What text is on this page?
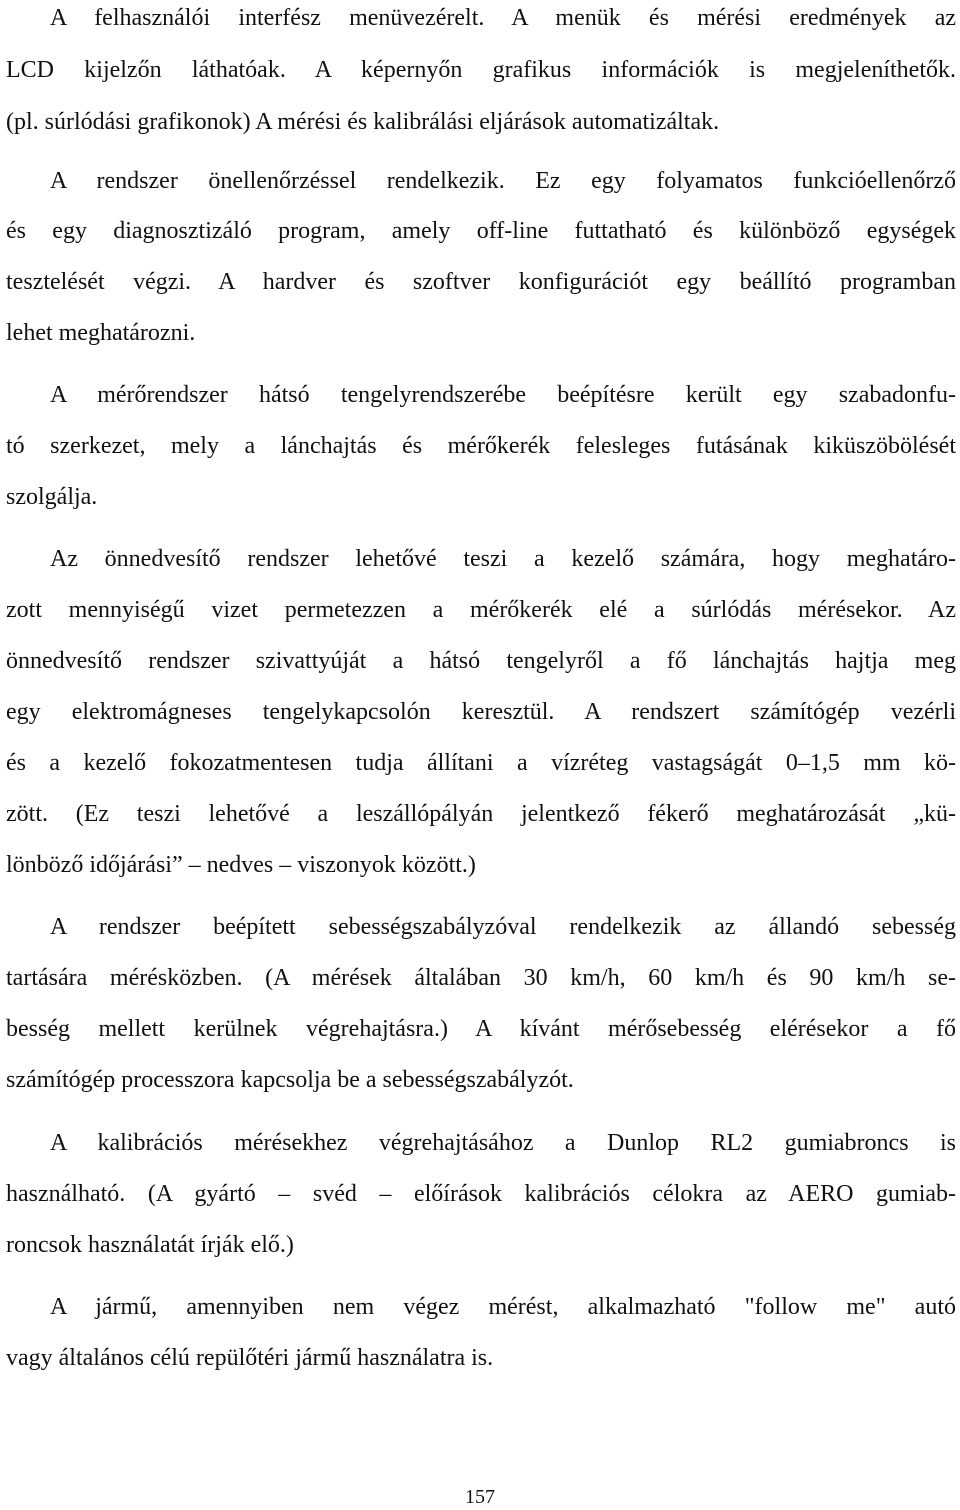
A felhasználói interfész menüvezérelt. A menük és mérési eredmények az
LCD kijelzőn láthatóak. A képernyőn grafikus információk is megjeleníthetők.
(pl. súrlódási grafikonok) A mérési és kalibrálási eljárások automatizáltak.
A rendszer önellenőrzéssel rendelkezik. Ez egy folyamatos funkcióellenőrző
és egy diagnosztizáló program, amely off-line futtatható és különböző egységek
tesztelését végzi. A hardver és szoftver konfigurációt egy beállító programban
lehet meghatározni.
A mérőrendszer hátsó tengelyrendszerébe beépítésre került egy szabadonfu-
tó szerkezet, mely a lánchajtás és mérőkerék felesleges futásának kiküszöbölését
szolgálja.
Az önnedvesítő rendszer lehetővé teszi a kezelő számára, hogy meghatáro-
zott mennyiségű vizet permetezzen a mérőkerék elé a súrlódás mérésekor. Az
önnedvesítő rendszer szivattyúját a hátsó tengelyről a fő lánchajtás hajtja meg
egy elektromágneses tengelykapcsolón keresztül. A rendszert számítógép vezérli
és a kezelő fokozatmentesen tudja állítani a vízréteg vastagságát 0–1,5 mm kö-
zött. (Ez teszi lehetővé a leszállópályán jelentkező fékerő meghatározását „kü-
lönböző időjárási” – nedves – viszonyok között.)
A rendszer beépített sebességszabályzóval rendelkezik az állandó sebesség
tartására mérésközben. (A mérések általában 30 km/h, 60 km/h és 90 km/h se-
besség mellett kerülnek végrehajtásra.) A kívánt mérősebesség elérésekor a fő
számítógép processzora kapcsolja be a sebességszabályzót.
A kalibrációs mérésekhez végrehajtásához a Dunlop RL2 gumiabroncs is
használható. (A gyártó – svéd – előírások kalibrációs célokra az AERO gumiab-
roncsok használatát írják elő.)
A jármű, amennyiben nem végez mérést, alkalmazható "follow me" autó
vagy általános célú repülőtéri jármű használatra is.
157
